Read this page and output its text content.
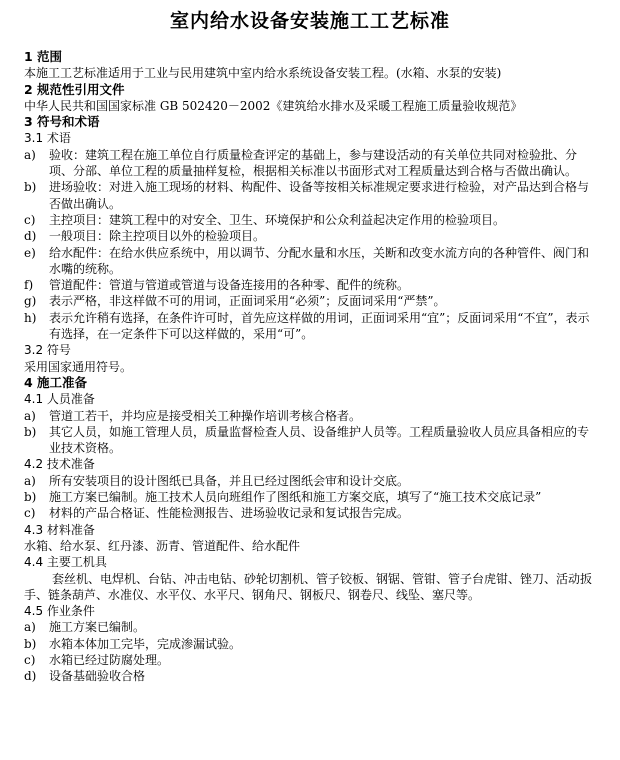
室内给水设备安装施工工艺标准
1 范围
本施工工艺标准适用于工业与民用建筑中室内给水系统设备安装工程。(水箱、水泵的安装)
2 规范性引用文件
中华人民共和国国家标准 GB 502420－2002《建筑给水排水及采暖工程施工质量验收规范》
3 符号和术语
3.1 术语
a)	验收：建筑工程在施工单位自行质量检查评定的基础上，参与建设活动的有关单位共同对检验批、分项、分部、单位工程的质量抽样复检，根据相关标准以书面形式对工程质量达到合格与否做出确认。
b)	进场验收：对进入施工现场的材料、构配件、设备等按相关标准规定要求进行检验，对产品达到合格与否做出确认。
c)	主控项目：建筑工程中的对安全、卫生、环境保护和公众利益起决定作用的检验项目。
d)	一般项目：除主控项目以外的检验项目。
e)	给水配件：在给水供应系统中，用以调节、分配水量和水压，关断和改变水流方向的各种管件、阀门和水嘴的统称。
f)	管道配件：管道与管道或管道与设备连接用的各种零、配件的统称。
g)	表示严格，非这样做不可的用词，正面词采用“必须”；反面词采用“严禁”。
h)	表示允许稍有选择，在条件许可时，首先应这样做的用词，正面词采用“宜”；反面词采用“不宜”，表示有选择，在一定条件下可以这样做的，采用“可”。
3.2 符号
采用国家通用符号。
4 施工准备
4.1 人员准备
a)	管道工若干，并均应是接受相关工种操作培训考核合格者。
b)	其它人员，如施工管理人员，质量监督检查人员、设备维护人员等。工程质量验收人员应具备相应的专业技术资格。
4.2 技术准备
a)	所有安装项目的设计图纸已具备，并且已经过图纸会审和设计交底。
b)	施工方案已编制。施工技术人员向班组作了图纸和施工方案交底，填写了“施工技术交底记录”
c)	材料的产品合格证、性能检测报告、进场验收记录和复试报告完成。
4.3 材料准备
水箱、给水泵、红丹漆、沥青、管道配件、给水配件
4.4 主要工机具
套丝机、电焊机、台钻、冲击电钻、砂轮切割机、管子铰板、钢锯、管钳、管子台虎钳、锉刀、活动扳手、链条葫芦、水准仪、水平仪、水平尺、钢角尺、钢板尺、钢卷尺、线坠、塞尺等。
4.5 作业条件
a)	施工方案已编制。
b)	水箱本体加工完毕，完成渗漏试验。
c)	水箱已经过防腐处理。
d)	设备基础验收合格
